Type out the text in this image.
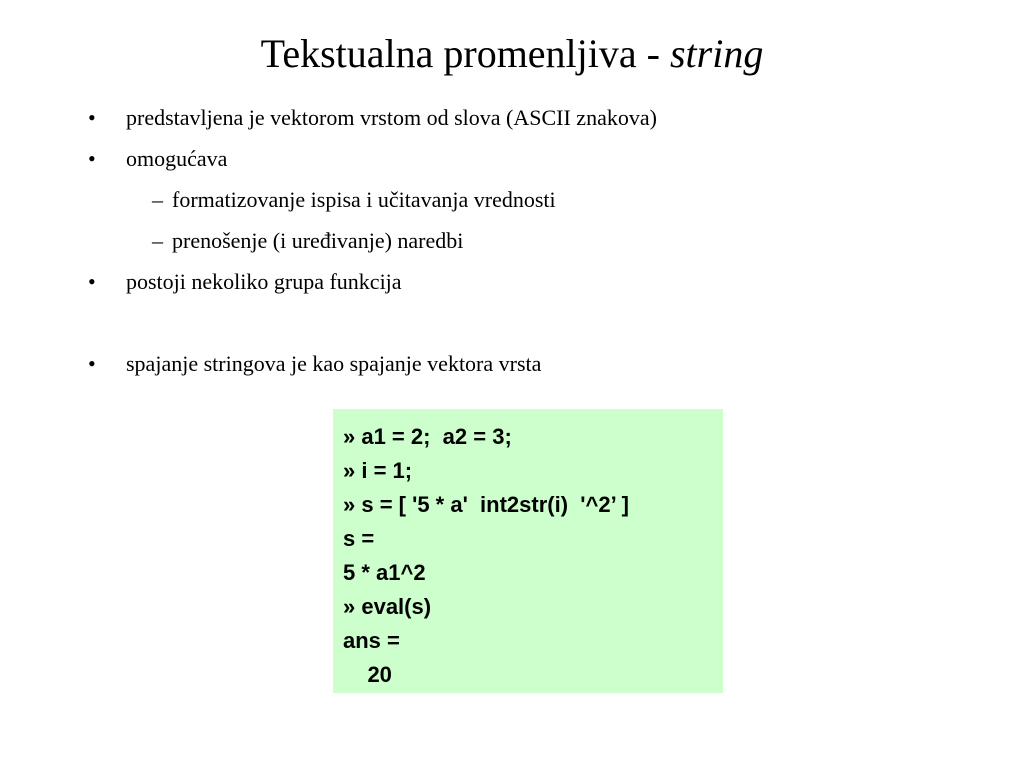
Tekstualna promenljiva - string
• predstavljena je vektorom vrstom od slova (ASCII znakova)
• omogućava
– formatizovanje ispisa i učitavanja vrednosti
– prenošenje (i uređivanje) naredbi
• postoji nekoliko grupa funkcija
• spajanje stringova je kao spajanje vektora vrsta
» a1 = 2;  a2 = 3;
» i = 1;
» s = [ '5 * a'  int2str(i)  '^2’ ]
s =
5 * a1^2
» eval(s)
ans =
20
